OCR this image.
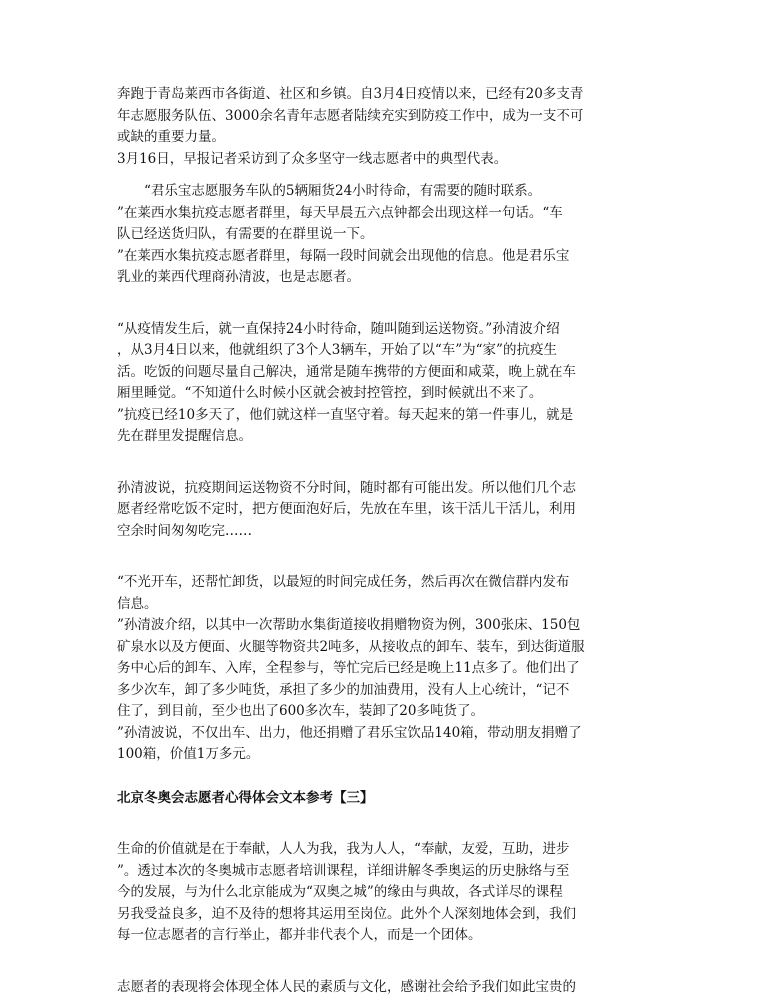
奔跑于青岛莱西市各街道、社区和乡镇。自3月4日疫情以来，已经有20多支青
年志愿服务队伍、3000余名青年志愿者陆续充实到防疫工作中，成为一支不可
或缺的重要力量。
3月16日，早报记者采访到了众多坚守一线志愿者中的典型代表。

　　“君乐宝志愿服务车队的5辆厢货24小时待命，有需要的随时联系。
”在莱西水集抗疫志愿者群里，每天早晨五六点钟都会出现这样一句话。“车
队已经送货归队，有需要的在群里说一下。
”在莱西水集抗疫志愿者群里，每隔一段时间就会出现他的信息。他是君乐宝
乳业的莱西代理商孙清波，也是志愿者。

“从疫情发生后，就一直保持24小时待命，随叫随到运送物资。”孙清波介绍
，从3月4日以来，他就组织了3个人3辆车，开始了以“车”为“家”的抗疫生
活。吃饭的问题尽量自己解决，通常是随车携带的方便面和咸菜，晚上就在车
厢里睡觉。“不知道什么时候小区就会被封控管控，到时候就出不来了。
”抗疫已经10多天了，他们就这样一直坚守着。每天起来的第一件事儿，就是
先在群里发提醒信息。

孙清波说，抗疫期间运送物资不分时间，随时都有可能出发。所以他们几个志
愿者经常吃饭不定时，把方便面泡好后，先放在车里，该干活儿干活儿，利用
空余时间匆匆吃完……

“不光开车，还帮忙卸货，以最短的时间完成任务，然后再次在微信群内发布
信息。
”孙清波介绍，以其中一次帮助水集街道接收捐赠物资为例，300张床、150包
矿泉水以及方便面、火腿等物资共2吨多，从接收点的卸车、装车，到达街道服
务中心后的卸车、入库，全程参与，等忙完后已经是晚上11点多了。他们出了
多少次车，卸了多少吨货，承担了多少的加油费用，没有人上心统计，“记不
住了，到目前，至少也出了600多次车，装卸了20多吨货了。
”孙清波说，不仅出车、出力，他还捐赠了君乐宝饮品140箱，带动朋友捐赠了
100箱，价值1万多元。

北京冬奥会志愿者心得体会文本参考【三】

生命的价值就是在于奉献，人人为我，我为人人，“奉献，友爱，互助，进步
”。透过本次的冬奥城市志愿者培训课程，详细讲解冬季奥运的历史脉络与至
今的发展，与为什么北京能成为“双奥之城”的缘由与典故，各式详尽的课程
另我受益良多，迫不及待的想将其运用至岗位。此外个人深刻地体会到，我们
每一位志愿者的言行举止，都并非代表个人，而是一个团体。

志愿者的表现将会体现全体人民的素质与文化，感谢社会给予我们如此宝贵的
